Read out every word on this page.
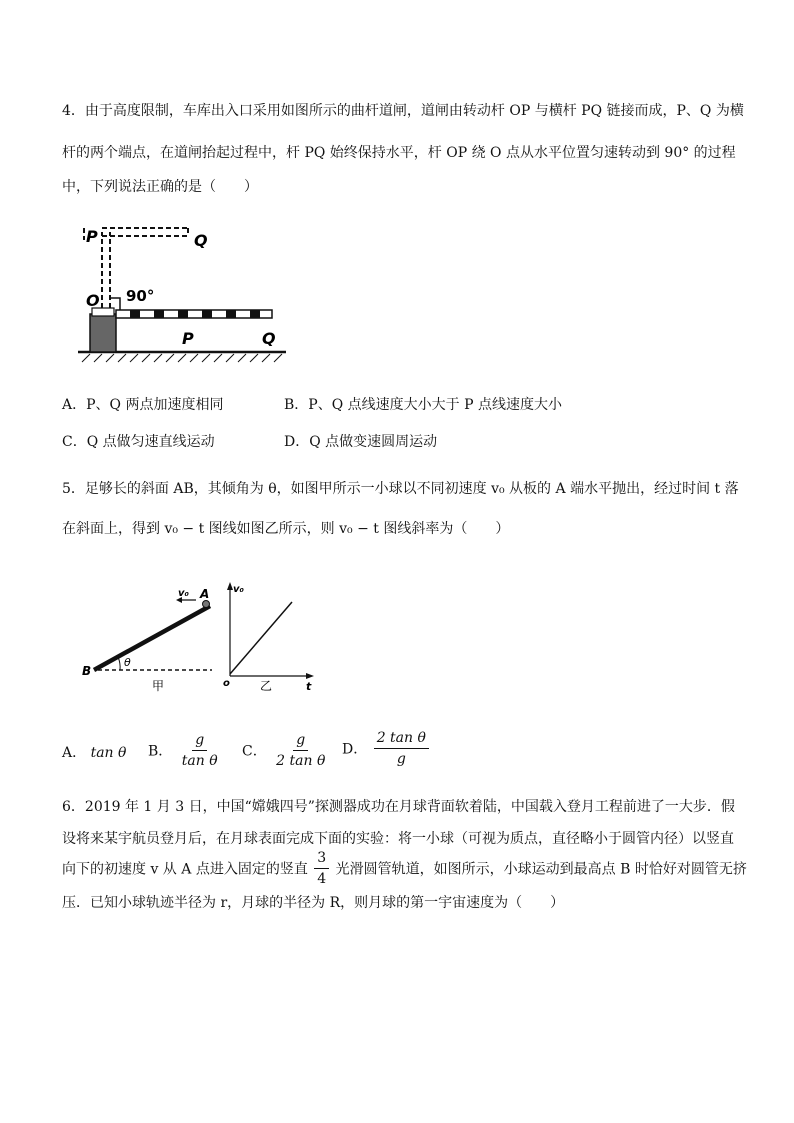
4．由于高度限制，车库出入口采用如图所示的曲杆道闸，道闸由转动杆 OP 与横杆 PQ 链接而成，P、Q 为横
杆的两个端点，在道闸抬起过程中，杆 PQ 始终保持水平，杆 OP 绕 O 点从水平位置匀速转动到 90° 的过程
中，下列说法正确的是（　　）
P	Q
O 90°
P	Q
A．P、Q 两点加速度相同	B．P、Q 点线速度大小大于 P 点线速度大小
C．Q 点做匀速直线运动	D．Q 点做变速圆周运动
5．足够长的斜面 AB，其倾角为 θ，如图甲所示一小球以不同初速度 v₀ 从板的 A 端水平抛出，经过时间 t 落
在斜面上，得到 v₀ − t 图线如图乙所示，则 v₀ − t 图线斜率为（　　）
A
B
v₀
θ
甲
v₀
t
o	乙
A． tan θ B． $\frac{g}{\text{tan θ}}$ C． $\frac{g}{\text{2 tan θ}}$ D． $\frac{\text{2 tan θ}}{g}$
6．2019 年 1 月 3 日，中国“嫦娥四号”探测器成功在月球背面软着陆，中国载入登月工程前进了一大步．假
设将来某宇航员登月后，在月球表面完成下面的实验：将一小球（可视为质点，直径略小于圆管内径）以竖直
向下的初速度 v 从 A 点进入固定的竖直 $\frac{3}{4}$ 光滑圆管轨道，如图所示，小球运动到最高点 B 时恰好对圆管无挤
压．已知小球轨迹半径为 r，月球的半径为 R，则月球的第一宇宙速度为（　　）
